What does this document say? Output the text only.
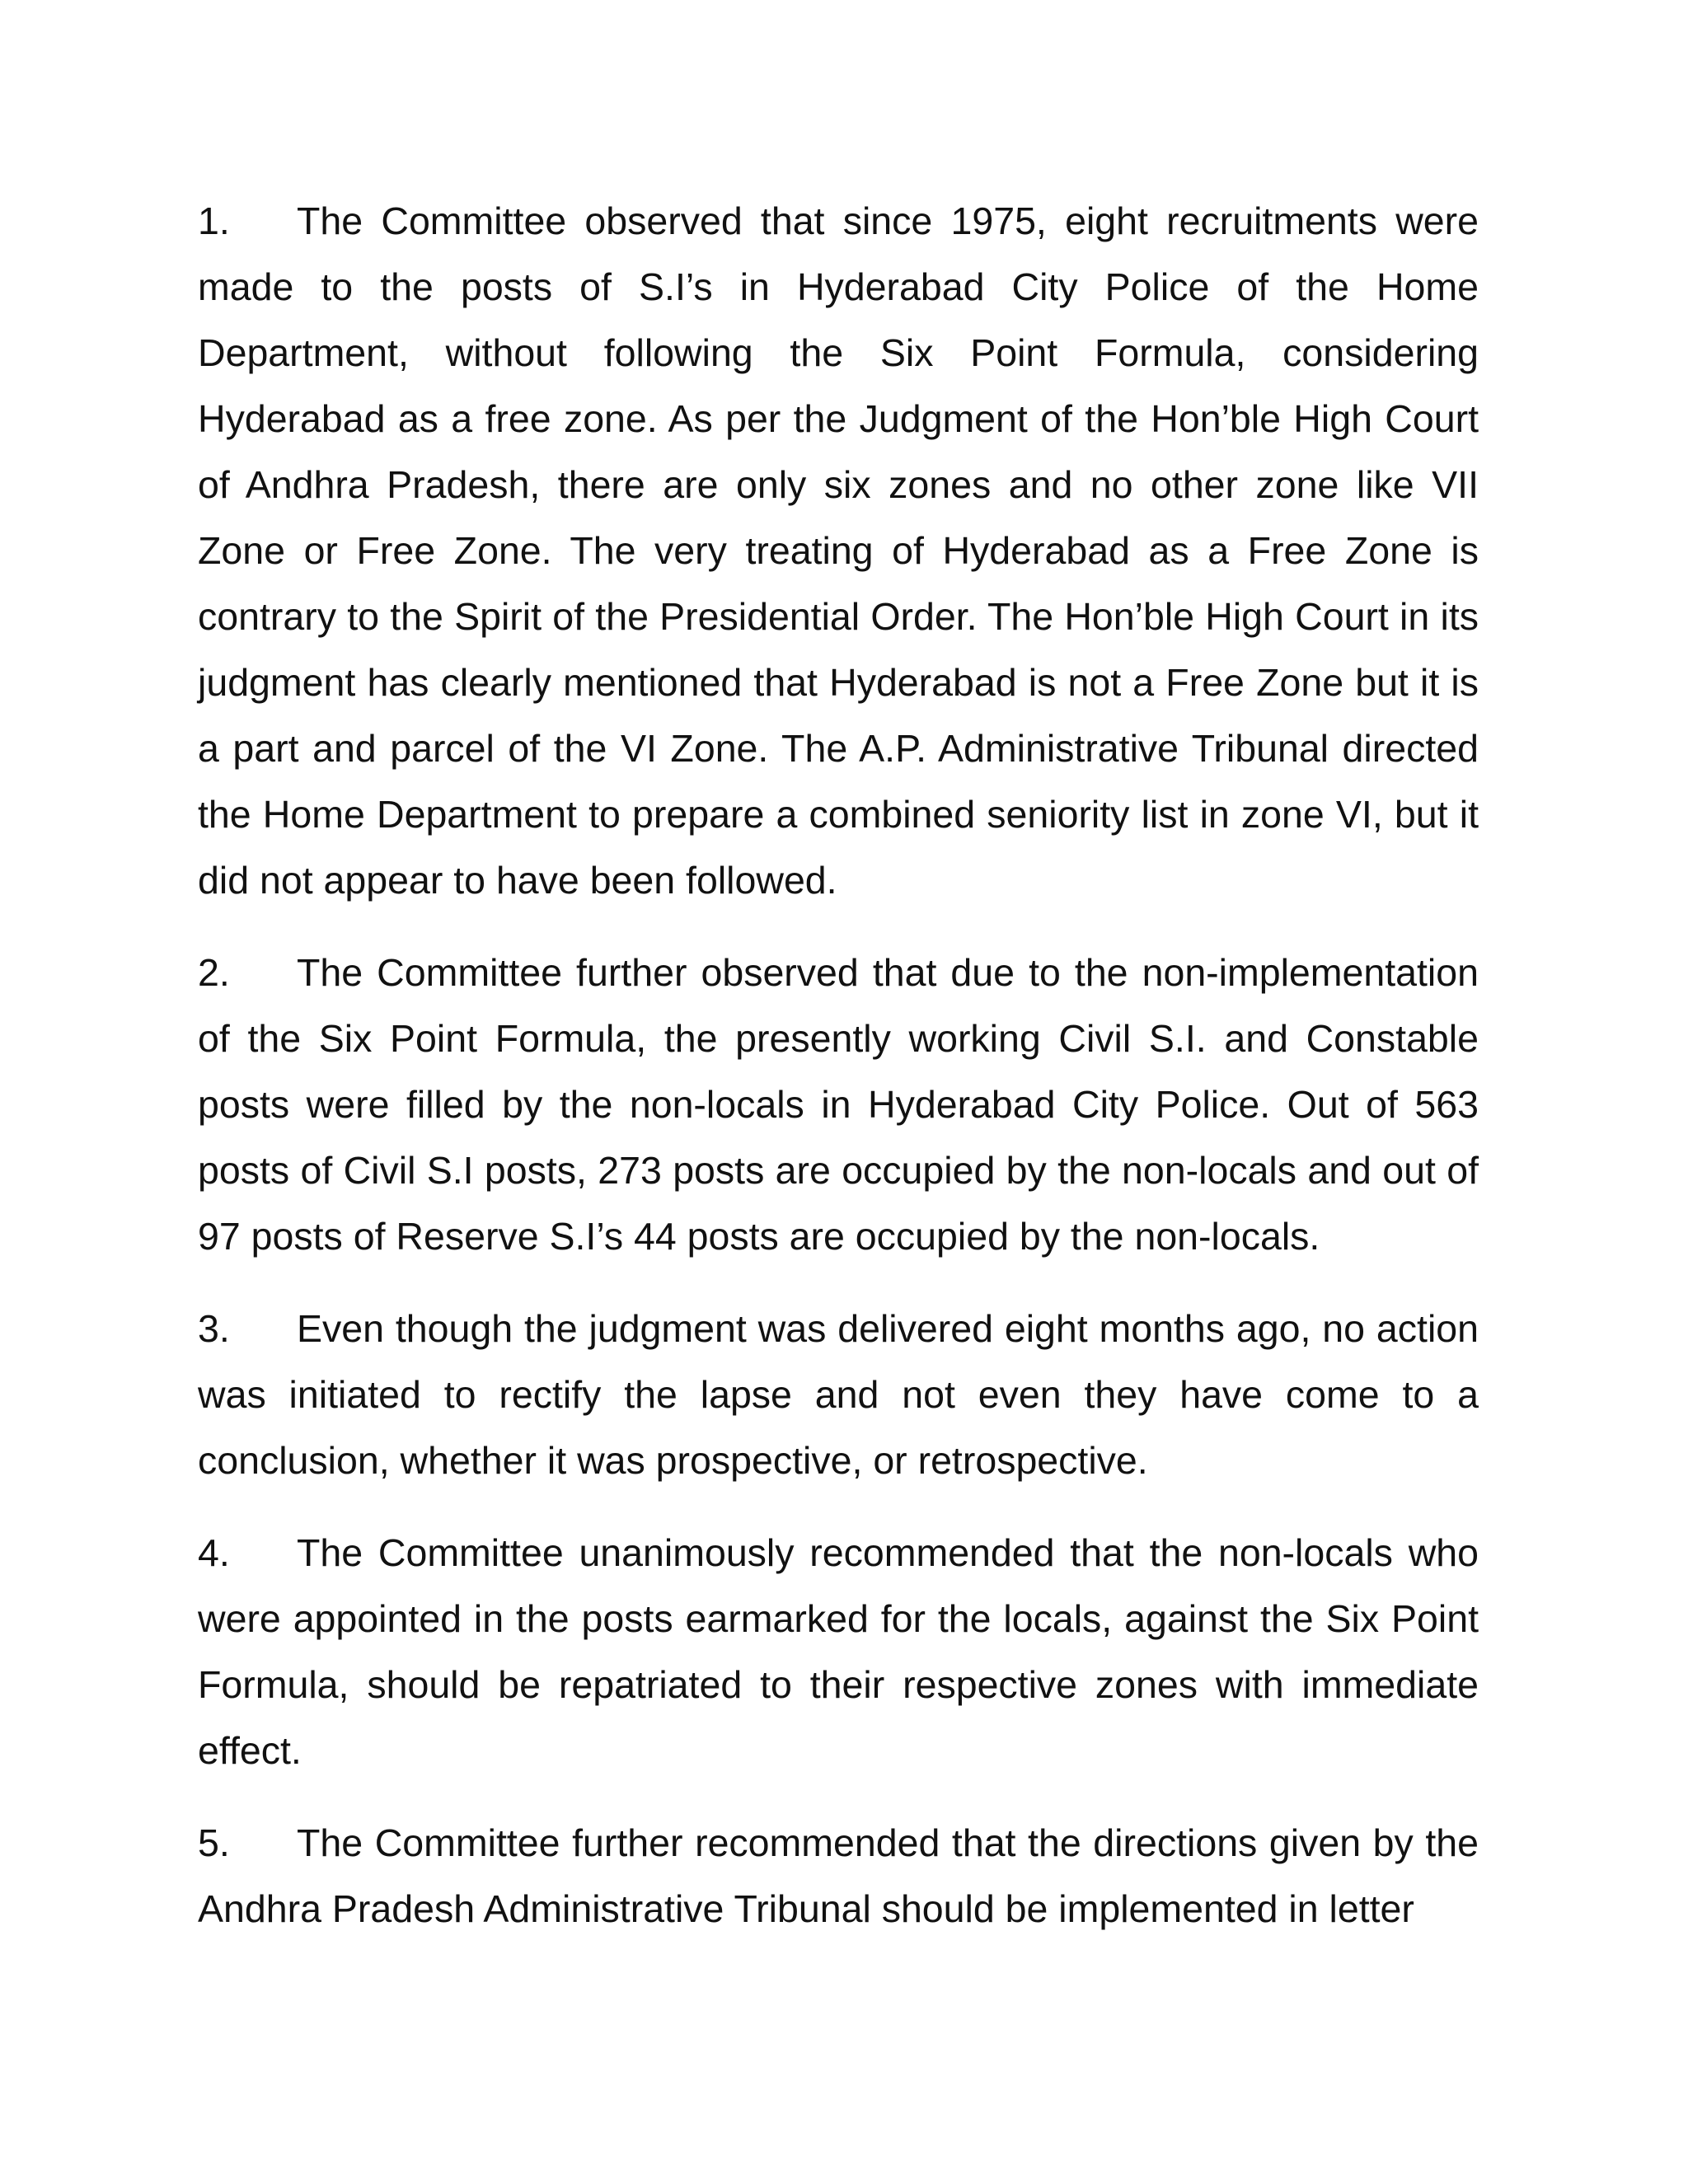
1. The Committee observed that since 1975, eight recruitments were made to the posts of S.I’s in Hyderabad City Police of the Home Department, without following the Six Point Formula, considering Hyderabad as a free zone. As per the Judgment of the Hon’ble High Court of Andhra Pradesh, there are only six zones and no other zone like VII Zone or Free Zone. The very treating of Hyderabad as a Free Zone is contrary to the Spirit of the Presidential Order. The Hon’ble High Court in its judgment has clearly mentioned that Hyderabad is not a Free Zone but it is a part and parcel of the VI Zone. The A.P. Administrative Tribunal directed the Home Department to prepare a combined seniority list in zone VI, but it did not appear to have been followed.

2. The Committee further observed that due to the non-implementation of the Six Point Formula, the presently working Civil S.I. and Constable posts were filled by the non-locals in Hyderabad City Police. Out of 563 posts of Civil S.I posts, 273 posts are occupied by the non-locals and out of 97 posts of Reserve S.I’s 44 posts are occupied by the non-locals.

3. Even though the judgment was delivered eight months ago, no action was initiated to rectify the lapse and not even they have come to a conclusion, whether it was prospective, or retrospective.

4. The Committee unanimously recommended that the non-locals who were appointed in the posts earmarked for the locals, against the Six Point Formula, should be repatriated to their respective zones with immediate effect.

5. The Committee further recommended that the directions given by the Andhra Pradesh Administrative Tribunal should be implemented in letter
